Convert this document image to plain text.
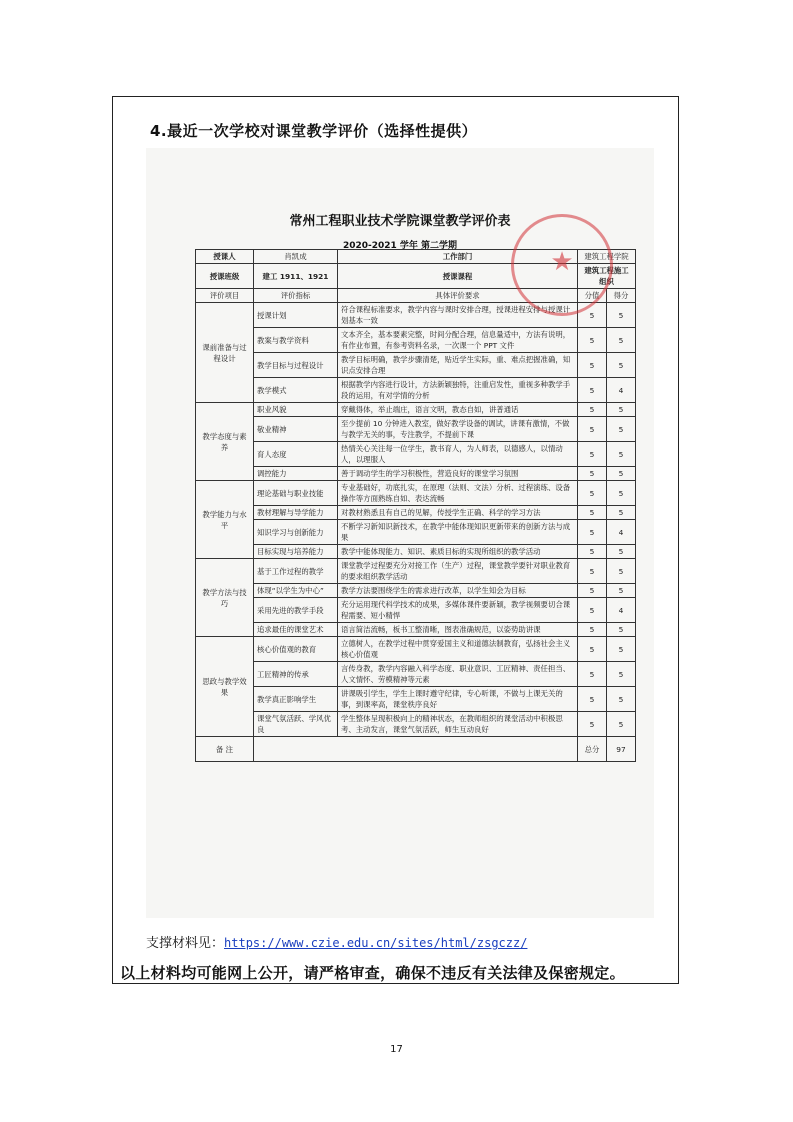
4.最近一次学校对课堂教学评价（选择性提供）
常州工程职业技术学院课堂教学评价表
2020-2021 学年 第二学期
授课人	肖凯成	工作部门	建筑工程学院	
授课班级	建工 1911、1921	授课课程	建筑工程施工组织	
评价项目	评价指标	具体评价要求	分值	得分
课前准备与过程设计	授课计划	符合课程标准要求，教学内容与课时安排合理，授课进程安排与授课计划基本一致	5	5
	教案与教学资料	文本齐全，基本要素完整，时间分配合理，信息量适中，方法有说明，有作业布置，有参考资料名录，一次课一个 PPT 文件	5	5
	教学目标与过程设计	教学目标明确，教学步骤清楚，贴近学生实际，重、难点把握准确，知识点安排合理	5	5
	教学模式	根据教学内容进行设计，方法新颖独特，注重启发性，重视多种教学手段的运用，有对学情的分析	5	4
教学态度与素养	职业风貌	穿戴得体，举止端庄，语言文明，教态自如，讲普通话	5	5
	敬业精神	至少提前 10 分钟进入教室，做好教学设备的调试，讲课有激情，不做与教学无关的事，专注教学，不提前下课	5	5
	育人态度	热情关心关注每一位学生，教书育人，为人师表，以德感人，以情动人，以理服人	5	5
	调控能力	善于调动学生的学习积极性，营造良好的课堂学习氛围	5	5
教学能力与水平	理论基础与职业技能	专业基础好，功底扎实，在原理（法则、文法）分析、过程演练、设备操作等方面熟练自如、表达流畅	5	5
	教材理解与导学能力	对教材熟悉且有自己的见解，传授学生正确、科学的学习方法	5	5
	知识学习与创新能力	不断学习新知识新技术，在教学中能体现知识更新带来的创新方法与成果	5	4
	目标实现与培养能力	教学中能体现能力、知识、素质目标的实现所组织的教学活动	5	5
教学方法与技巧	基于工作过程的教学	课堂教学过程要充分对接工作（生产）过程，课堂教学要针对职业教育的要求组织教学活动	5	5
	体现“以学生为中心”	教学方法要围绕学生的需求进行改革，以学生知会为目标	5	5
	采用先进的教学手段	充分运用现代科学技术的成果，多媒体课件要新颖，教学视频要切合课程需要、短小精悍	5	4
	追求最佳的课堂艺术	语言简洁流畅，板书工整清晰，图表准确规范，以姿势助讲课	5	5
思政与教学效果	核心价值观的教育	立德树人，在教学过程中贯穿爱国主义和道德法制教育，弘扬社会主义核心价值观	5	5
	工匠精神的传承	言传身教，教学内容融入科学态度、职业意识、工匠精神、责任担当、人文情怀、劳模精神等元素	5	5
	教学真正影响学生	讲课吸引学生，学生上课时遵守纪律，专心听课，不做与上课无关的事，到课率高，课堂秩序良好	5	5
	课堂气氛活跃、学风优良	学生整体呈现积极向上的精神状态，在教师组织的课堂活动中积极思考、主动发言，课堂气氛活跃，师生互动良好	5	5
备 注			总分	97
★
支撑材料见：https://www.czie.edu.cn/sites/html/zsgczz/
以上材料均可能网上公开，请严格审查，确保不违反有关法律及保密规定。
17
